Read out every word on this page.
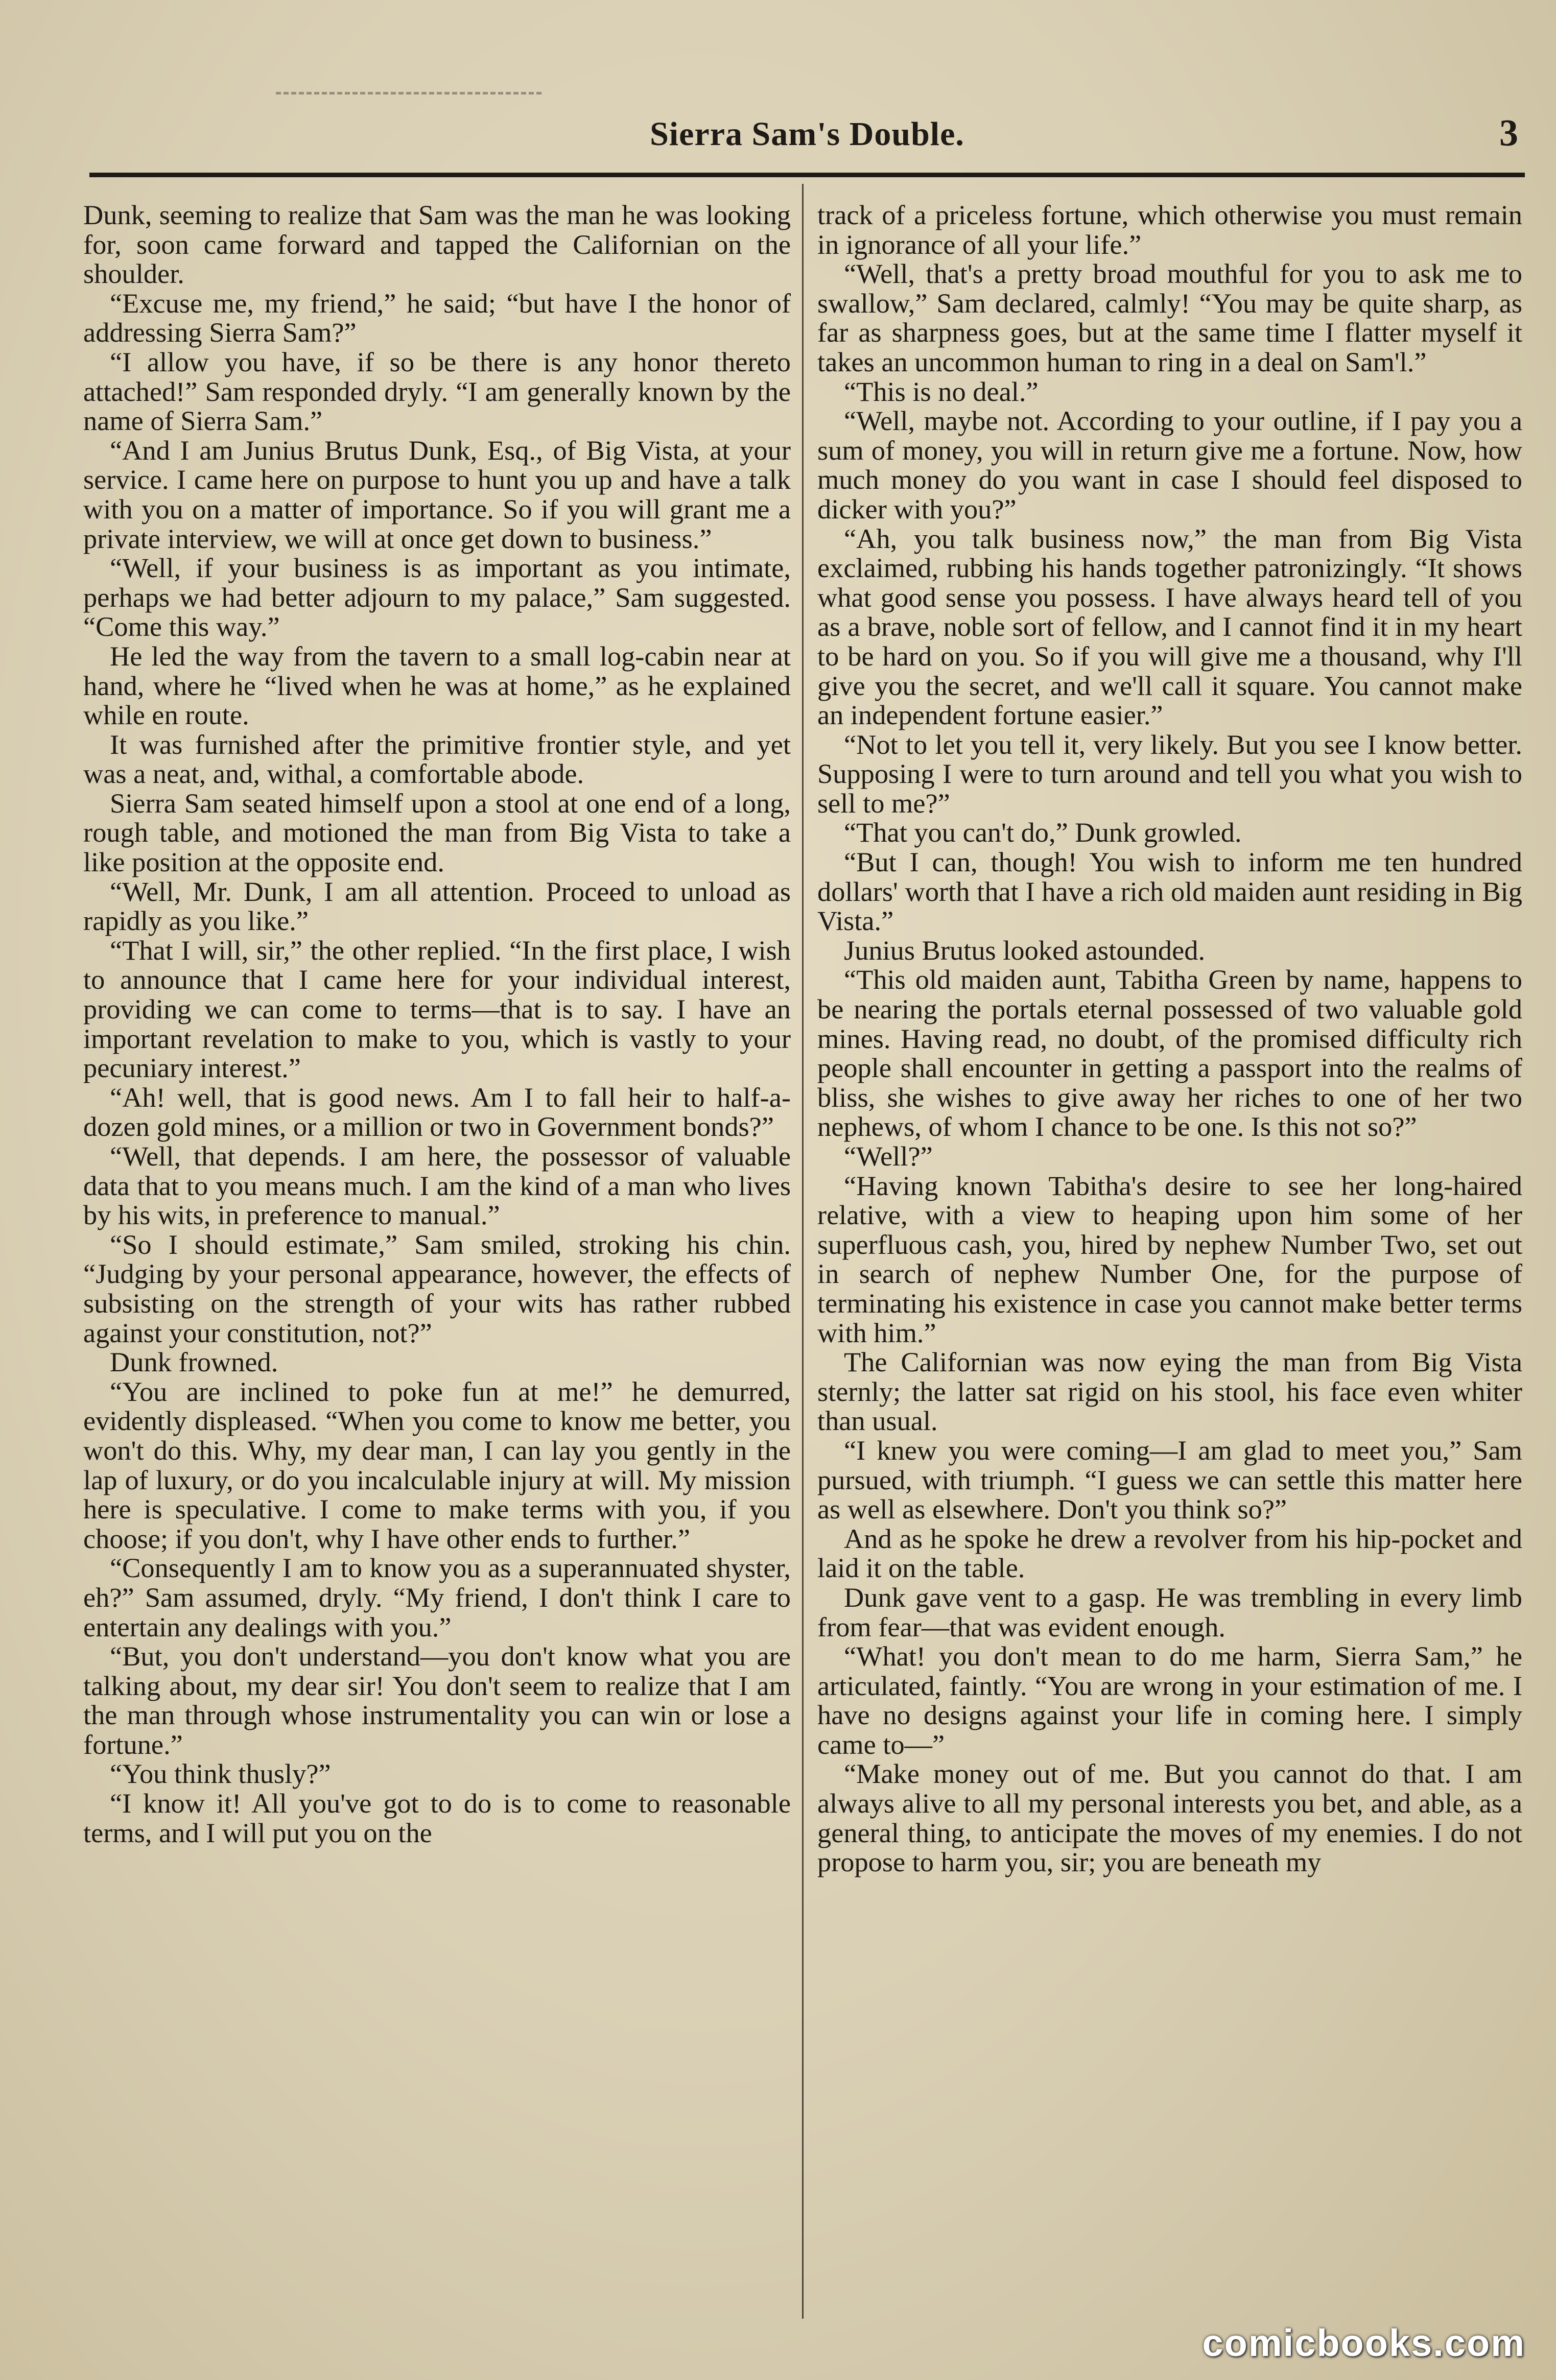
Sierra Sam's Double.	3

Dunk, seeming to realize that Sam was the man he was looking for, soon came forward and tapped the Californian on the shoulder.

“Excuse me, my friend,” he said; “but have I the honor of addressing Sierra Sam?”

“I allow you have, if so be there is any honor thereto attached!” Sam responded dryly. “I am generally known by the name of Sierra Sam.”

“And I am Junius Brutus Dunk, Esq., of Big Vista, at your service. I came here on purpose to hunt you up and have a talk with you on a matter of importance. So if you will grant me a private interview, we will at once get down to business.”

“Well, if your business is as important as you intimate, perhaps we had better adjourn to my palace,” Sam suggested. “Come this way.”

He led the way from the tavern to a small log-cabin near at hand, where he “lived when he was at home,” as he explained while en route.

It was furnished after the primitive frontier style, and yet was a neat, and, withal, a comfortable abode.

Sierra Sam seated himself upon a stool at one end of a long, rough table, and motioned the man from Big Vista to take a like position at the opposite end.

“Well, Mr. Dunk, I am all attention. Proceed to unload as rapidly as you like.”

“That I will, sir,” the other replied. “In the first place, I wish to announce that I came here for your individual interest, providing we can come to terms—that is to say. I have an important revelation to make to you, which is vastly to your pecuniary interest.”

“Ah! well, that is good news. Am I to fall heir to half-a-dozen gold mines, or a million or two in Government bonds?”

“Well, that depends. I am here, the possessor of valuable data that to you means much. I am the kind of a man who lives by his wits, in preference to manual.”

“So I should estimate,” Sam smiled, stroking his chin. “Judging by your personal appearance, however, the effects of subsisting on the strength of your wits has rather rubbed against your constitution, not?”

Dunk frowned.

“You are inclined to poke fun at me!” he demurred, evidently displeased. “When you come to know me better, you won't do this. Why, my dear man, I can lay you gently in the lap of luxury, or do you incalculable injury at will. My mission here is speculative. I come to make terms with you, if you choose; if you don't, why I have other ends to further.”

“Consequently I am to know you as a superannuated shyster, eh?” Sam assumed, dryly. “My friend, I don't think I care to entertain any dealings with you.”

“But, you don't understand—you don't know what you are talking about, my dear sir! You don't seem to realize that I am the man through whose instrumentality you can win or lose a fortune.”

“You think thusly?”

“I know it! All you've got to do is to come to reasonable terms, and I will put you on the

track of a priceless fortune, which otherwise you must remain in ignorance of all your life.”

“Well, that's a pretty broad mouthful for you to ask me to swallow,” Sam declared, calmly! “You may be quite sharp, as far as sharpness goes, but at the same time I flatter myself it takes an uncommon human to ring in a deal on Sam'l.”

“This is no deal.”

“Well, maybe not. According to your outline, if I pay you a sum of money, you will in return give me a fortune. Now, how much money do you want in case I should feel disposed to dicker with you?”

“Ah, you talk business now,” the man from Big Vista exclaimed, rubbing his hands together patronizingly. “It shows what good sense you possess. I have always heard tell of you as a brave, noble sort of fellow, and I cannot find it in my heart to be hard on you. So if you will give me a thousand, why I'll give you the secret, and we'll call it square. You cannot make an independent fortune easier.”

“Not to let you tell it, very likely. But you see I know better. Supposing I were to turn around and tell you what you wish to sell to me?”

“That you can't do,” Dunk growled.

“But I can, though! You wish to inform me ten hundred dollars' worth that I have a rich old maiden aunt residing in Big Vista.”

Junius Brutus looked astounded.

“This old maiden aunt, Tabitha Green by name, happens to be nearing the portals eternal possessed of two valuable gold mines. Having read, no doubt, of the promised difficulty rich people shall encounter in getting a passport into the realms of bliss, she wishes to give away her riches to one of her two nephews, of whom I chance to be one. Is this not so?”

“Well?”

“Having known Tabitha's desire to see her long-haired relative, with a view to heaping upon him some of her superfluous cash, you, hired by nephew Number Two, set out in search of nephew Number One, for the purpose of terminating his existence in case you cannot make better terms with him.”

The Californian was now eying the man from Big Vista sternly; the latter sat rigid on his stool, his face even whiter than usual.

“I knew you were coming—I am glad to meet you,” Sam pursued, with triumph. “I guess we can settle this matter here as well as elsewhere. Don't you think so?”

And as he spoke he drew a revolver from his hip-pocket and laid it on the table.

Dunk gave vent to a gasp. He was trembling in every limb from fear—that was evident enough.

“What! you don't mean to do me harm, Sierra Sam,” he articulated, faintly. “You are wrong in your estimation of me. I have no designs against your life in coming here. I simply came to—”

“Make money out of me. But you cannot do that. I am always alive to all my personal interests you bet, and able, as a general thing, to anticipate the moves of my enemies. I do not propose to harm you, sir; you are beneath my

comicbooks.com
